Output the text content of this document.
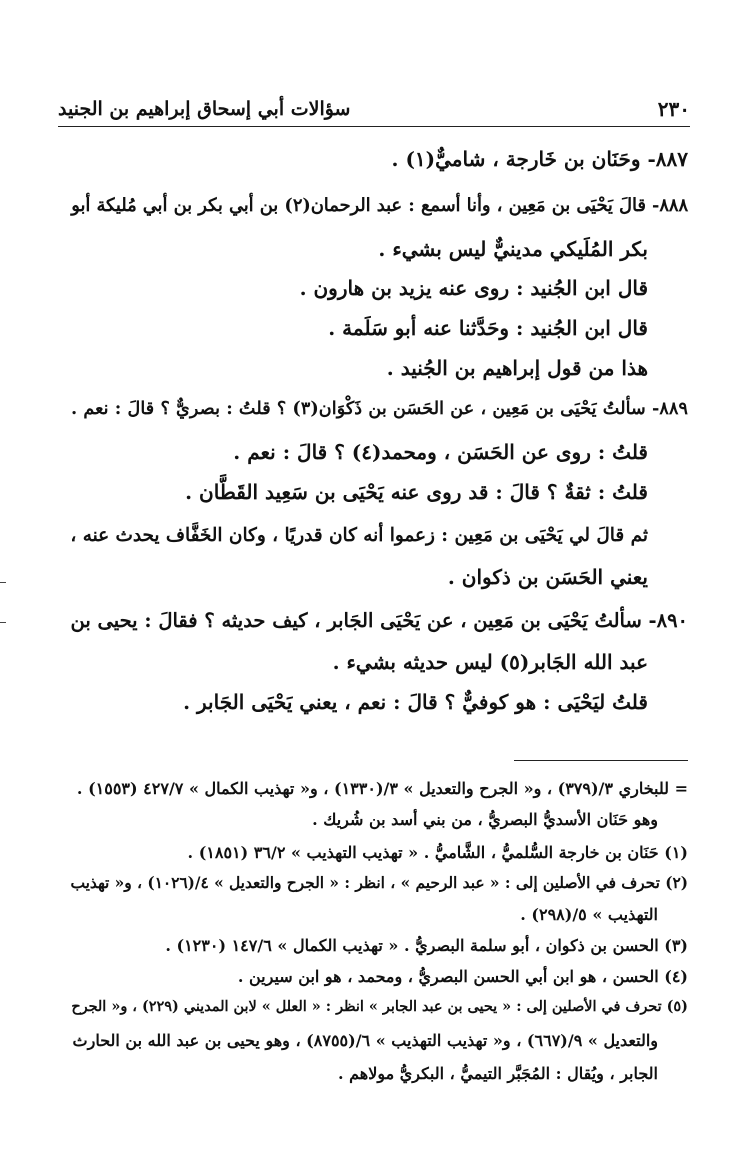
٢٣٠
سؤالات أبي إسحاق إبراهيم بن الجنيد
٨٨٧- وحَنَان بن خَارجة ، شاميٌّ(١) .
٨٨٨- قالَ يَحْيَى بن مَعِين ، وأنا أسمع : عبد الرحمان(٢) بن أبي بكر بن أبي مُليكة أبو
بكر المُلَيكي مدينيٌّ ليس بشيء .
قال ابن الجُنيد : روى عنه يزيد بن هارون .
قال ابن الجُنيد : وحَدَّثنا عنه أبو سَلَمة .
هذا من قول إبراهيم بن الجُنيد .
٨٨٩- سألتُ يَحْيَى بن مَعِين ، عن الحَسَن بن ذَكْوَان(٣) ؟ قلتُ : بصريٌّ ؟ قالَ : نعم .
قلتُ : روى عن الحَسَن ، ومحمد(٤) ؟ قالَ : نعم .
قلتُ : ثقةٌ ؟ قالَ : قد روى عنه يَحْيَى بن سَعِيد القَطَّان .
ثم قالَ لي يَحْيَى بن مَعِين : زعموا أنه كان قدريًا ، وكان الخَفَّاف يحدث عنه ،
يعني الحَسَن بن ذكوان .
٨٩٠- سألتُ يَحْيَى بن مَعِين ، عن يَحْيَى الجَابر ، كيف حديثه ؟ فقالَ : يحيى بن
عبد الله الجَابر(٥) ليس حديثه بشيء .
قلتُ ليَحْيَى : هو كوفيٌّ ؟ قالَ : نعم ، يعني يَحْيَى الجَابر .
= للبخاري ٣/(٣٧٩) ، و« الجرح والتعديل » ٣/(١٣٣٠) ، و« تهذيب الكمال » ٤٢٧/٧ (١٥٥٣) .
وهو حَنَان الأسديُّ البصريُّ ، من بني أسد بن شُريك .
(١) حَنَان بن خارجة السُّلميُّ ، الشَّاميُّ . « تهذيب التهذيب » ٣٦/٢ (١٨٥١) .
(٢) تحرف في الأصلين إلى : « عبد الرحيم » ، انظر : « الجرح والتعديل » ٤/(١٠٢٦) ، و« تهذيب
التهذيب » ٥/(٢٩٨) .
(٣) الحسن بن ذكوان ، أبو سلمة البصريُّ . « تهذيب الكمال » ١٤٧/٦ (١٢٣٠) .
(٤) الحسن ، هو ابن أبي الحسن البصريُّ ، ومحمد ، هو ابن سيرين .
(٥) تحرف في الأصلين إلى : « يحيى بن عبد الجابر » انظر : « العلل » لابن المديني (٢٢٩) ، و« الجرح
والتعديل » ٩/(٦٦٧) ، و« تهذيب التهذيب » ٦/(٨٧٥٥) ، وهو يحيى بن عبد الله بن الحارث
الجابر ، ويُقال : المُجَبَّر التيميُّ ، البكريُّ مولاهم .
